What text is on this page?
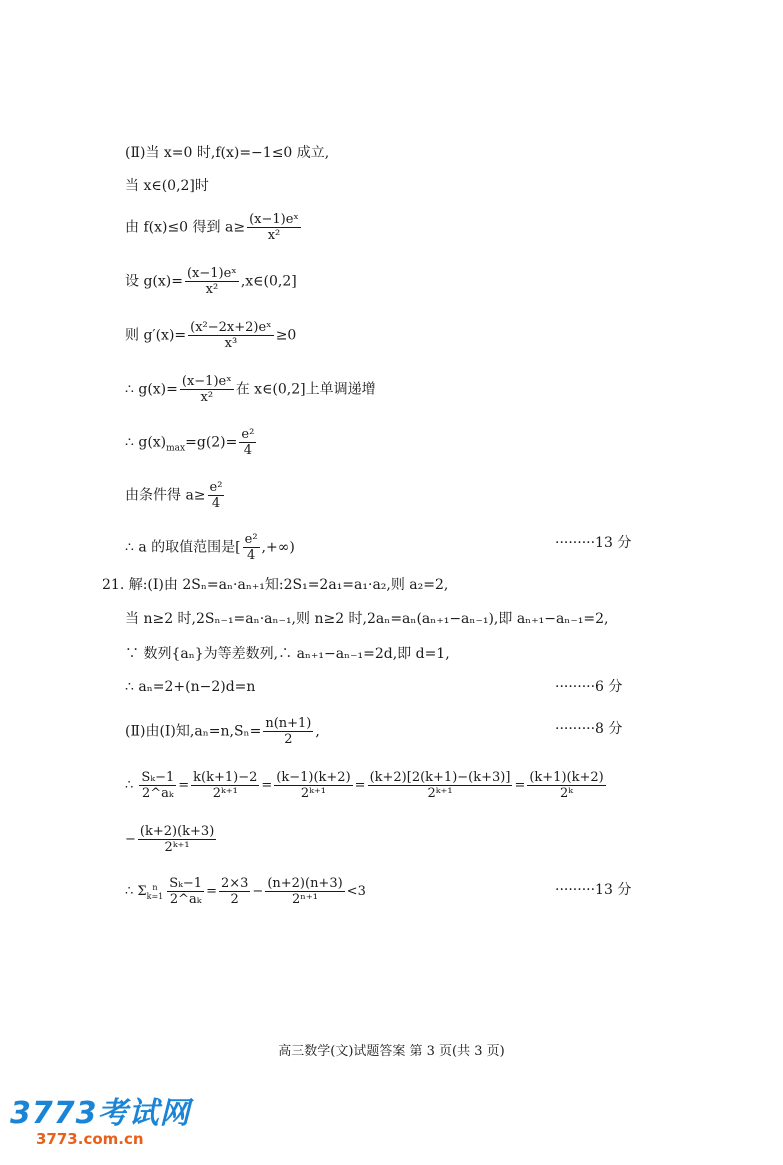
(Ⅱ)当 x=0 时,f(x)=−1≤0 成立,
当 x∈(0,2]时
由 f(x)≤0 得到 $a\ge \frac{\text{(x−1)eˣ}}{\text{x²}}$
设 $g(x)= \frac{\text{(x−1)eˣ}}{\text{x²}}$ ,x∈(0,2]
则 $g'(x)= \frac{\text{(x²−2x+2)eˣ}}{\text{x³}} \ge 0$
∴ $g(x)= \frac{\text{(x−1)eˣ}}{\text{x²}}$ 在 x∈(0,2]上单调递增
∴ $g(x)_{max}=g(2)= \frac{\text{e²}}{4}$
由条件得 $a\ge \frac{\text{e²}}{4}$
∴ a 的取值范围是[ $\frac{\text{e²}}{4}$ ,+∞)	·········13 分
21. 解:(Ⅰ)由 2Sₙ=aₙ·aₙ₊₁知:2S₁=2a₁=a₁·a₂,则 a₂=2,
当 n≥2 时,2Sₙ₋₁=aₙ·aₙ₋₁,则 n≥2 时,2aₙ=aₙ(aₙ₊₁−aₙ₋₁),即 aₙ₊₁−aₙ₋₁=2,
∵ 数列{aₙ}为等差数列,∴ aₙ₊₁−aₙ₋₁=2d,即 d=1,
∴ aₙ=2+(n−2)d=n	·········6 分
(Ⅱ)由(Ⅰ)知$,a_n=n,S_n= \frac{n(n+1)}{2}$ ,	·········8 分
∴ $\frac{\text{Sₖ−1}}{\text{2\textasciicircum{}aₖ}} = \frac{k(k+1)-2}{\text{2ᵏ⁺¹}} = \frac{(k-1)(k+2)}{\text{2ᵏ⁺¹}} = \frac{(k+2)[2(k+1)-(k+3)]}{\text{2ᵏ⁺¹}} = \frac{(k+1)(k+2)}{\text{2ᵏ}}$
− $\frac{(k+2)(k+3)}{\text{2ᵏ⁺¹}}$
∴ Σ n
$k=1 \frac{\text{Sₖ−1}}{\text{2\textasciicircum{}aₖ}} = \frac{2\times 3}{2} - \frac{(n+2)(n+3)}{\text{2ⁿ⁺¹}} <3$	·········13 分
高三数学(文)试题答案 第 3 页(共 3 页)
3773考试网
3773.com.cn
